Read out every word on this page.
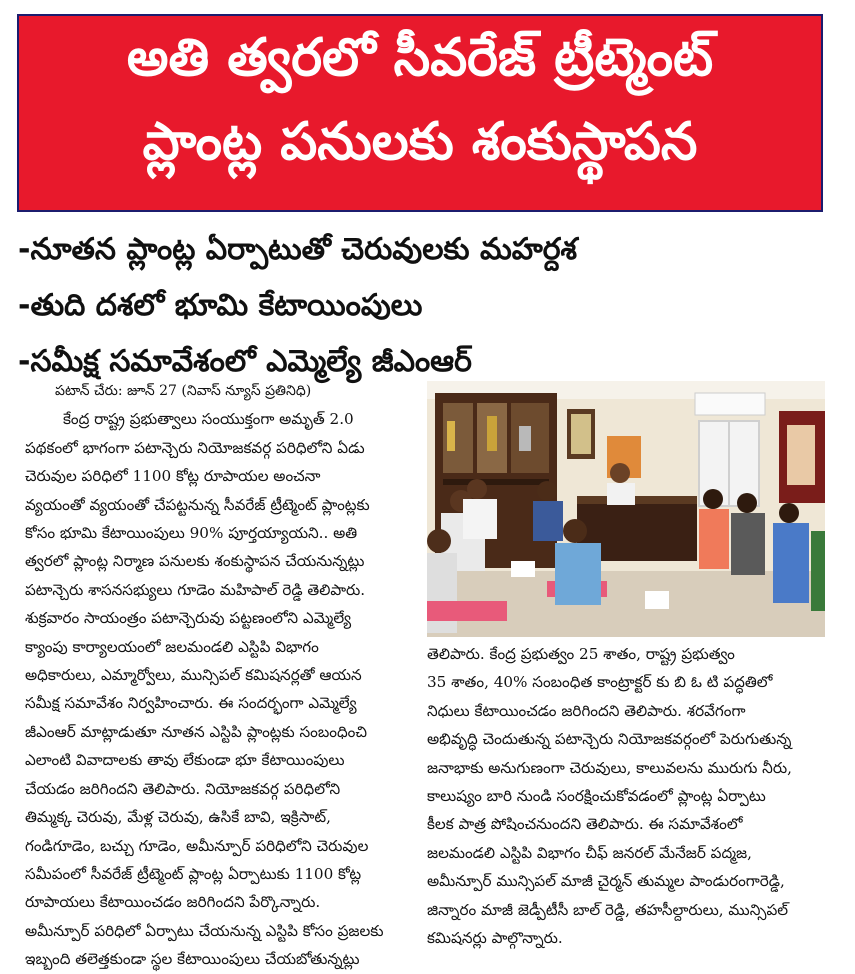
అతి త్వరలో సీవరేజ్ ట్రీట్మెంట్
ప్లాంట్ల పనులకు శంకుస్థాపన
-నూతన ప్లాంట్ల ఏర్పాటుతో చెరువులకు మహర్దశ
-తుది దశలో భూమి కేటాయింపులు
-సమీక్ష సమావేశంలో ఎమ్మెల్యే జీఎంఆర్
పటాన్ చేరు: జూన్ 27 (నివాస్ న్యూస్ ప్రతినిధి)
కేంద్ర రాష్ట్ర ప్రభుత్వాలు సంయుక్తంగా అమృత్ 2.0
పథకంలో భాగంగా పటాన్చెరు నియోజకవర్గ పరిధిలోని ఏడు
చెరువుల పరిధిలో 1100 కోట్ల రూపాయల అంచనా
వ్యయంతో వ్యయంతో చేపట్టనున్న సీవరేజ్ ట్రీట్మెంట్ ప్లాంట్లకు
కోసం భూమి కేటాయింపులు 90% పూర్తయ్యాయని.. అతి
త్వరలో ప్లాంట్ల నిర్మాణ పనులకు శంకుస్థాపన చేయనున్నట్లు
పటాన్చెరు శాసనసభ్యులు గూడెం మహిపాల్ రెడ్డి తెలిపారు.
శుక్రవారం సాయంత్రం పటాన్చెరువు పట్టణంలోని ఎమ్మెల్యే
క్యాంపు కార్యాలయంలో జలమండలి ఎస్టిపి విభాగం
అధికారులు, ఎమ్మార్వోలు, మున్సిపల్ కమిషనర్లతో ఆయన
సమీక్ష సమావేశం నిర్వహించారు. ఈ సందర్భంగా ఎమ్మెల్యే
జీఎంఆర్ మాట్లాడుతూ నూతన ఎస్టిపి ప్లాంట్లకు సంబంధించి
ఎలాంటి వివాదాలకు తావు లేకుండా భూ కేటాయింపులు
చేయడం జరిగిందని తెలిపారు. నియోజకవర్గ పరిధిలోని
తిమ్మక్క చెరువు, మేళ్ల చెరువు, ఉసికే బావి, ఇక్రిసాట్,
గండిగూడెం, బచ్చు గూడెం, అమీన్పూర్ పరిధిలోని చెరువుల
సమీపంలో సీవరేజ్ ట్రీట్మెంట్ ప్లాంట్ల ఏర్పాటుకు 1100 కోట్ల
రూపాయలు కేటాయించడం జరిగిందని పేర్కొన్నారు.
అమీన్పూర్ పరిధిలో ఏర్పాటు చేయనున్న ఎస్టిపి కోసం ప్రజలకు
ఇబ్బంది తలెత్తకుండా స్థల కేటాయింపులు చేయబోతున్నట్లు
తెలిపారు. కేంద్ర ప్రభుత్వం 25 శాతం, రాష్ట్ర ప్రభుత్వం
35 శాతం, 40% సంబంధిత కాంట్రాక్టర్ కు బి ఓ టి పద్ధతిలో
నిధులు కేటాయించడం జరిగిందని తెలిపారు. శరవేగంగా
అభివృద్ధి చెందుతున్న పటాన్చెరు నియోజకవర్గంలో పెరుగుతున్న
జనాభాకు అనుగుణంగా చెరువులు, కాలువలను మురుగు నీరు,
కాలుష్యం బారి నుండి సంరక్షించుకోవడంలో ప్లాంట్ల ఏర్పాటు
కీలక పాత్ర పోషించనుందని తెలిపారు. ఈ సమావేశంలో
జలమండలి ఎస్టిపి విభాగం చీఫ్ జనరల్ మేనేజర్ పద్మజ,
అమీన్పూర్ మున్సిపల్ మాజీ చైర్మన్ తుమ్మల పాండురంగారెడ్డి,
జిన్నారం మాజీ జెడ్పీటీసీ బాల్ రెడ్డి, తహసీల్దారులు, మున్సిపల్
కమిషనర్లు పాల్గొన్నారు.
